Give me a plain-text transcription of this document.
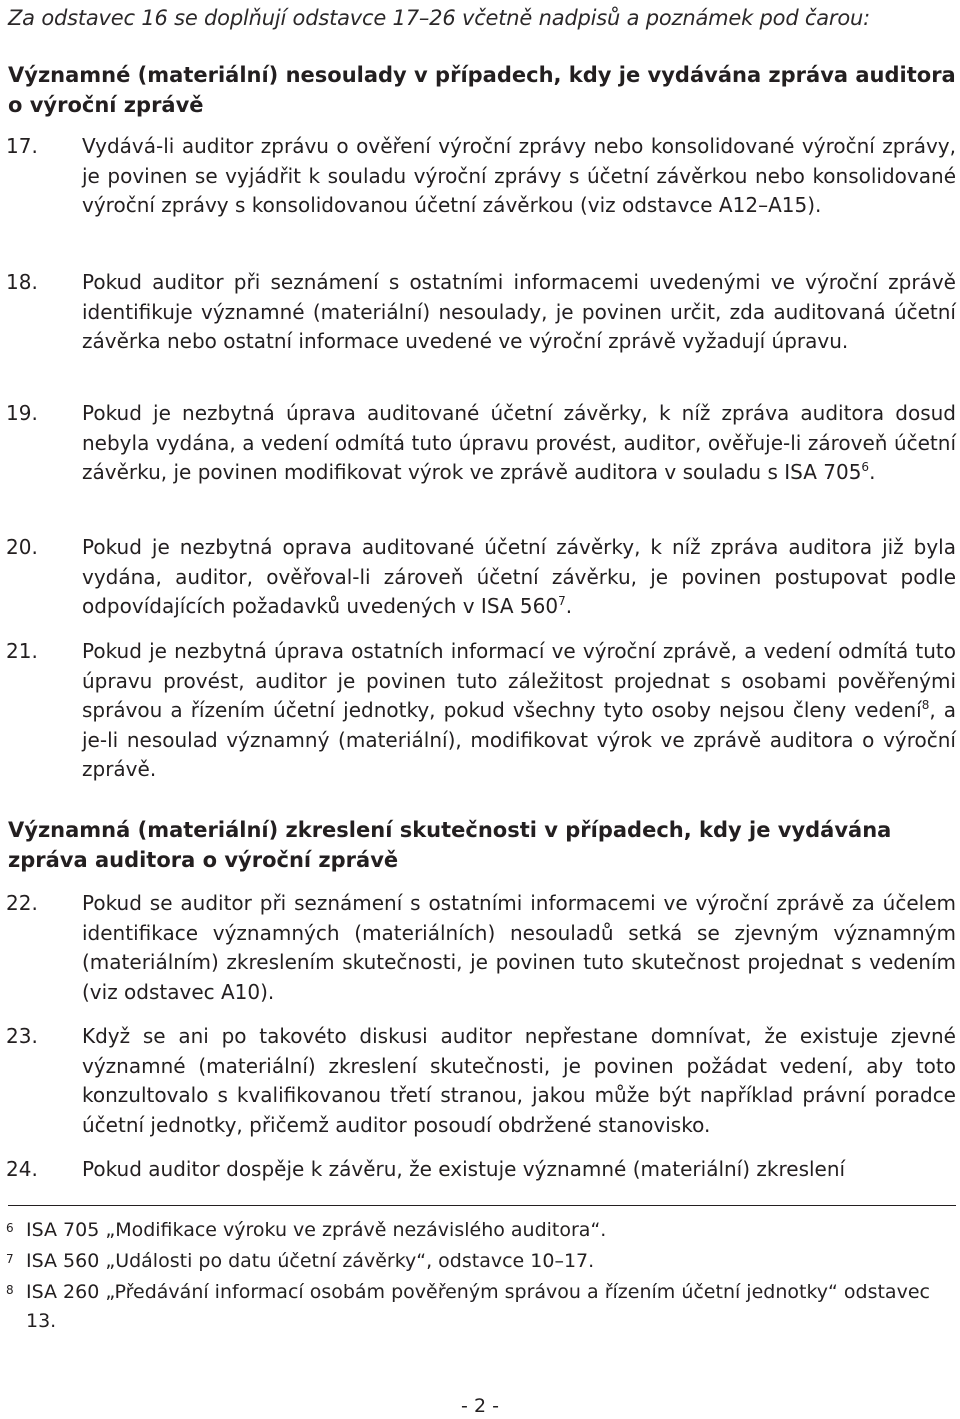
Za odstavec 16 se doplňují odstavce 17–26 včetně nadpisů a poznámek pod čarou:
Významné (materiální) nesoulady v případech, kdy je vydávána zpráva auditora o výroční zprávě
17. Vydává-li auditor zprávu o ověření výroční zprávy nebo konsolidované výroční zprávy, je povinen se vyjádřit k souladu výroční zprávy s účetní závěrkou nebo konsolidované výroční zprávy s konsolidovanou účetní závěrkou (viz odstavce A12–A15).
18. Pokud auditor při seznámení s ostatními informacemi uvedenými ve výroční zprávě identifikuje významné (materiální) nesoulady, je povinen určit, zda auditovaná účetní závěrka nebo ostatní informace uvedené ve výroční zprávě vyžadují úpravu.
19. Pokud je nezbytná úprava auditované účetní závěrky, k níž zpráva auditora dosud nebyla vydána, a vedení odmítá tuto úpravu provést, auditor, ověřuje-li zároveň účetní závěrku, je povinen modifikovat výrok ve zprávě auditora v souladu s ISA $705^6$.
20. Pokud je nezbytná oprava auditované účetní závěrky, k níž zpráva auditora již byla vydána, auditor, ověřoval-li zároveň účetní závěrku, je povinen postupovat podle odpovídajících požadavků uvedených v ISA $560^7$.
21. Pokud je nezbytná úprava ostatních informací ve výroční zprávě, a vedení odmítá tuto úpravu provést, auditor je povinen tuto záležitost projednat s osobami pověřenými správou a řízením účetní jednotky, pokud všechny tyto osoby nejsou členy vedení$^8$, a je-li nesoulad významný (materiální), modifikovat výrok ve zprávě auditora o výroční zprávě.
Významná (materiální) zkreslení skutečnosti v případech, kdy je vydávána zpráva auditora o výroční zprávě
22. Pokud se auditor při seznámení s ostatními informacemi ve výroční zprávě za účelem identifikace významných (materiálních) nesouladů setká se zjevným významným (materiálním) zkreslením skutečnosti, je povinen tuto skutečnost projednat s vedením (viz odstavec A10).
23. Když se ani po takovéto diskusi auditor nepřestane domnívat, že existuje zjevné významné (materiální) zkreslení skutečnosti, je povinen požádat vedení, aby toto konzultovalo s kvalifikovanou třetí stranou, jakou může být například právní poradce účetní jednotky, přičemž auditor posoudí obdržené stanovisko.
24. Pokud auditor dospěje k závěru, že existuje významné (materiální) zkreslení
6 ISA 705 „Modifikace výroku ve zprávě nezávislého auditora“.
7 ISA 560 „Události po datu účetní závěrky“, odstavce 10–17.
8 ISA 260 „Předávání informací osobám pověřeným správou a řízením účetní jednotky“ odstavec 13.
- 2 -
